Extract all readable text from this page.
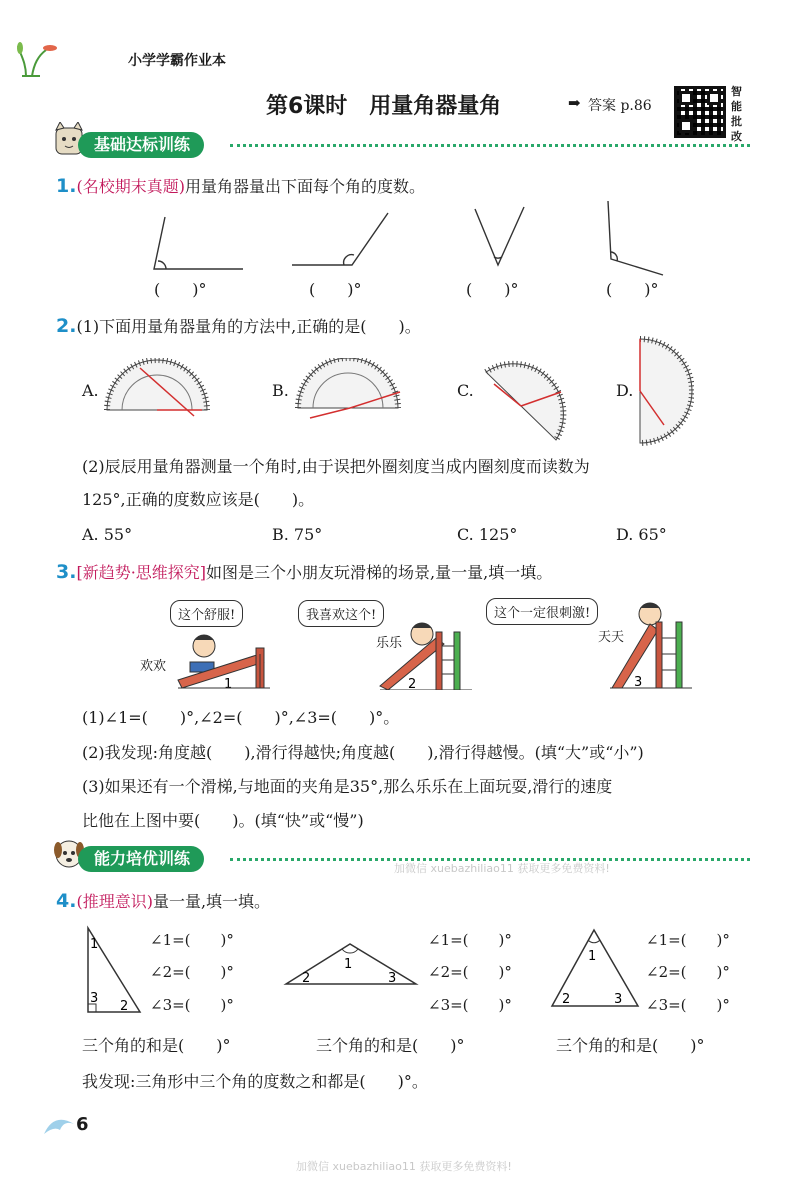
小学学霸作业本
第6课时　用量角器量角	➡ 答案 p.86
智
能
批
改
基础达标训练
1.(名校期末真题)用量角器量出下面每个角的度数。
(　　)°	(　　)°	(　　)°	(　　)°
2.(1)下面用量角器量角的方法中,正确的是(　　)。
A.	B.	C.	D.
(2)辰辰用量角器测量一个角时,由于误把外圈刻度当成内圈刻度而读数为
125°,正确的度数应该是(　　)。
A. 55°	B. 75°	C. 125°	D. 65°
3.[新趋势·思维探究]如图是三个小朋友玩滑梯的场景,量一量,填一填。
这个舒服!	我喜欢这个!	这个一定很刺激!
欢欢
乐乐	天天
1	2	3
(1)∠1=(　　)°,∠2=(　　)°,∠3=(　　)°。
(2)我发现:角度越(　　),滑行得越快;角度越(　　),滑行得越慢。(填“大”或“小”)
(3)如果还有一个滑梯,与地面的夹角是35°,那么乐乐在上面玩耍,滑行的速度
比他在上图中要(　　)。(填“快”或“慢”)
能力培优训练
加微信 xuebazhiliao11 获取更多免费资料!
4.(推理意识)量一量,填一填。
1
3
2
∠1=(　　)°
∠2=(　　)°
∠3=(　　)°
1
2	3
∠1=(　　)°
∠2=(　　)°
∠3=(　　)°
1
2	3
∠1=(　　)°
∠2=(　　)°
∠3=(　　)°
三个角的和是(　　)°	三个角的和是(　　)°	三个角的和是(　　)°
我发现:三角形中三个角的度数之和都是(　　)°。
6
加微信 xuebazhiliao11 获取更多免费资料!
